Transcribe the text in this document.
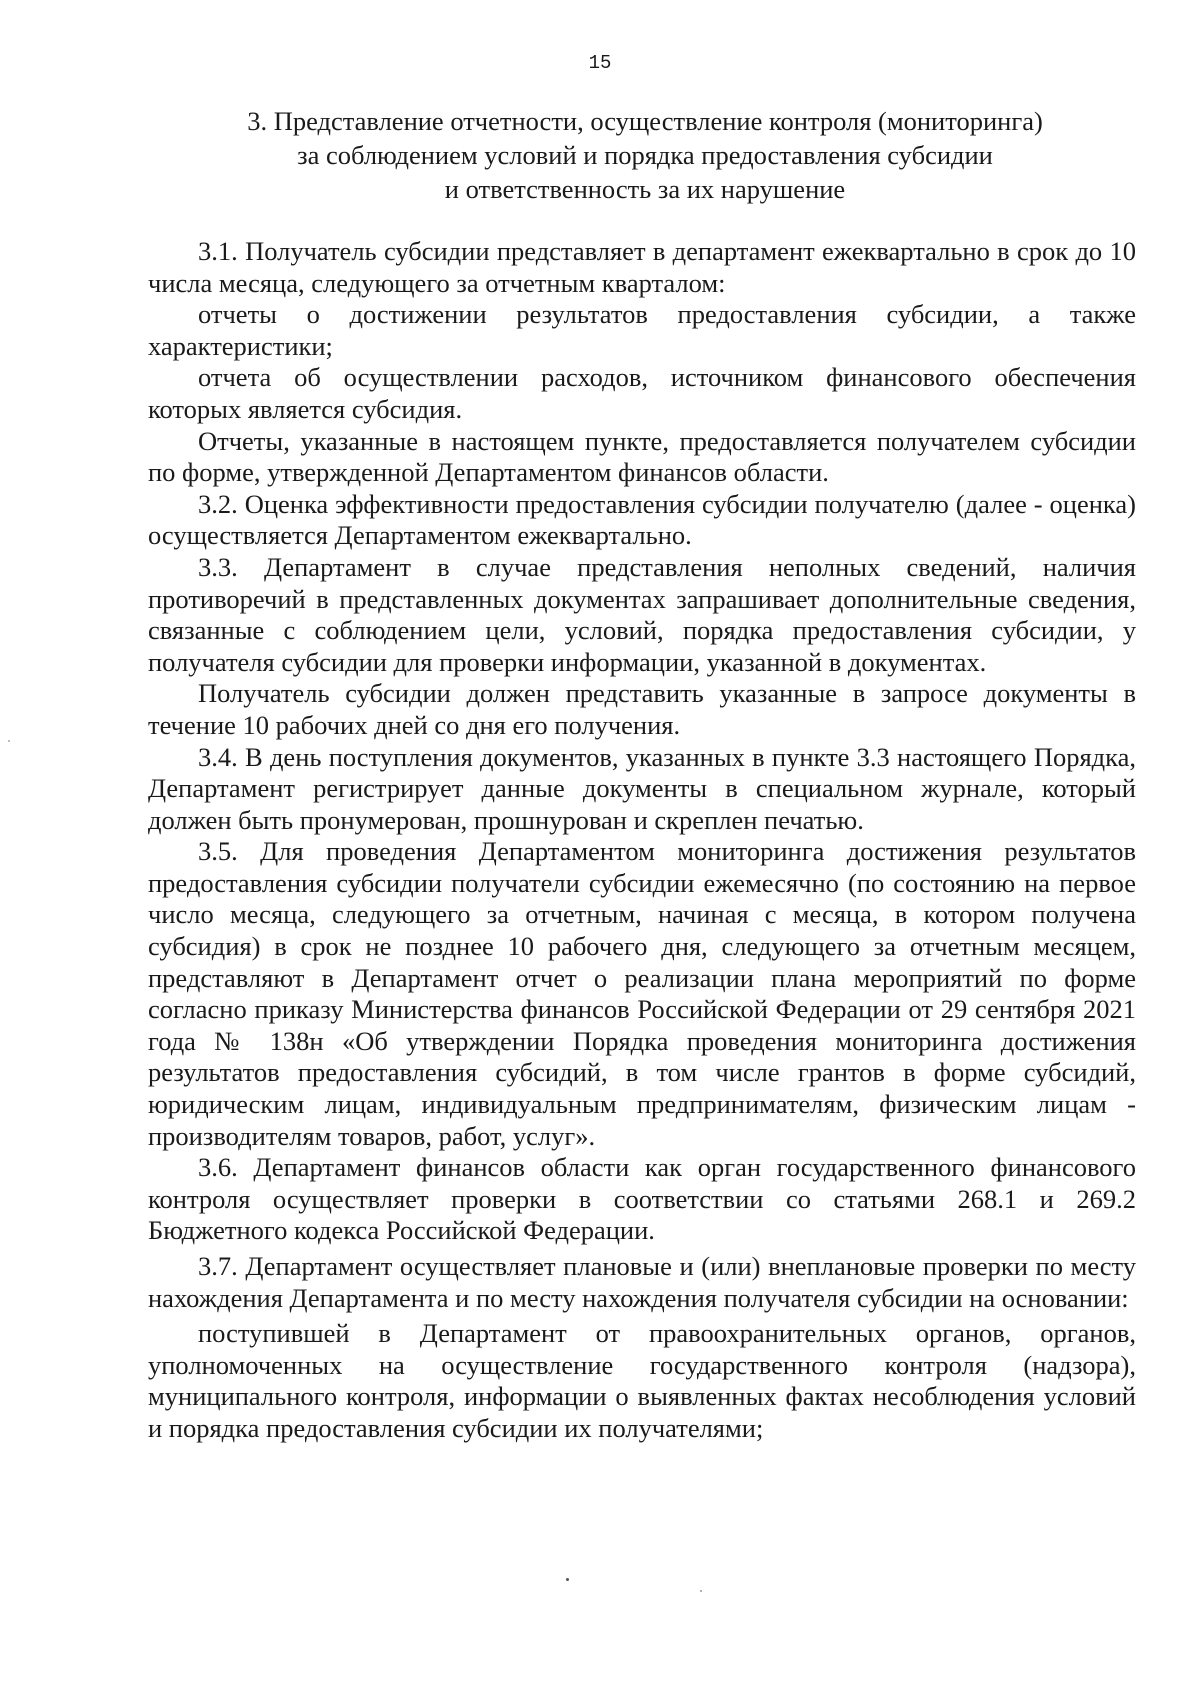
15
3. Представление отчетности, осуществление контроля (мониторинга)
за соблюдением условий и порядка предоставления субсидии
и ответственность за их нарушение

3.1. Получатель субсидии представляет в департамент ежеквартально в срок до 10 числа месяца, следующего за отчетным кварталом:

отчеты о достижении результатов предоставления субсидии, а также характеристики;

отчета об осуществлении расходов, источником финансового обеспечения которых является субсидия.

Отчеты, указанные в настоящем пункте, предоставляется получателем субсидии по форме, утвержденной Департаментом финансов области.

3.2. Оценка эффективности предоставления субсидии получателю (далее - оценка) осуществляется Департаментом ежеквартально.

3.3. Департамент в случае представления неполных сведений, наличия противоречий в представленных документах запрашивает дополнительные сведения, связанные с соблюдением цели, условий, порядка предоставления субсидии, у получателя субсидии для проверки информации, указанной в документах.

Получатель субсидии должен представить указанные в запросе документы в течение 10 рабочих дней со дня его получения.

3.4. В день поступления документов, указанных в пункте 3.3 настоящего Порядка, Департамент регистрирует данные документы в специальном журнале, который должен быть пронумерован, прошнурован и скреплен печатью.

3.5. Для проведения Департаментом мониторинга достижения результатов предоставления субсидии получатели субсидии ежемесячно (по состоянию на первое число месяца, следующего за отчетным, начиная с месяца, в котором получена субсидия) в срок не позднее 10 рабочего дня, следующего за отчетным месяцем, представляют в Департамент отчет о реализации плана мероприятий по форме согласно приказу Министерства финансов Российской Федерации от 29 сентября 2021 года № 138н «Об утверждении Порядка проведения мониторинга достижения результатов предоставления субсидий, в том числе грантов в форме субсидий, юридическим лицам, индивидуальным предпринимателям, физическим лицам - производителям товаров, работ, услуг».

3.6. Департамент финансов области как орган государственного финансового контроля осуществляет проверки в соответствии со статьями 268.1 и 269.2 Бюджетного кодекса Российской Федерации.

3.7. Департамент осуществляет плановые и (или) внеплановые проверки по месту нахождения Департамента и по месту нахождения получателя субсидии на основании:

поступившей в Департамент от правоохранительных органов, органов, уполномоченных на осуществление государственного контроля (надзора), муниципального контроля, информации о выявленных фактах несоблюдения условий и порядка предоставления субсидии их получателями;
